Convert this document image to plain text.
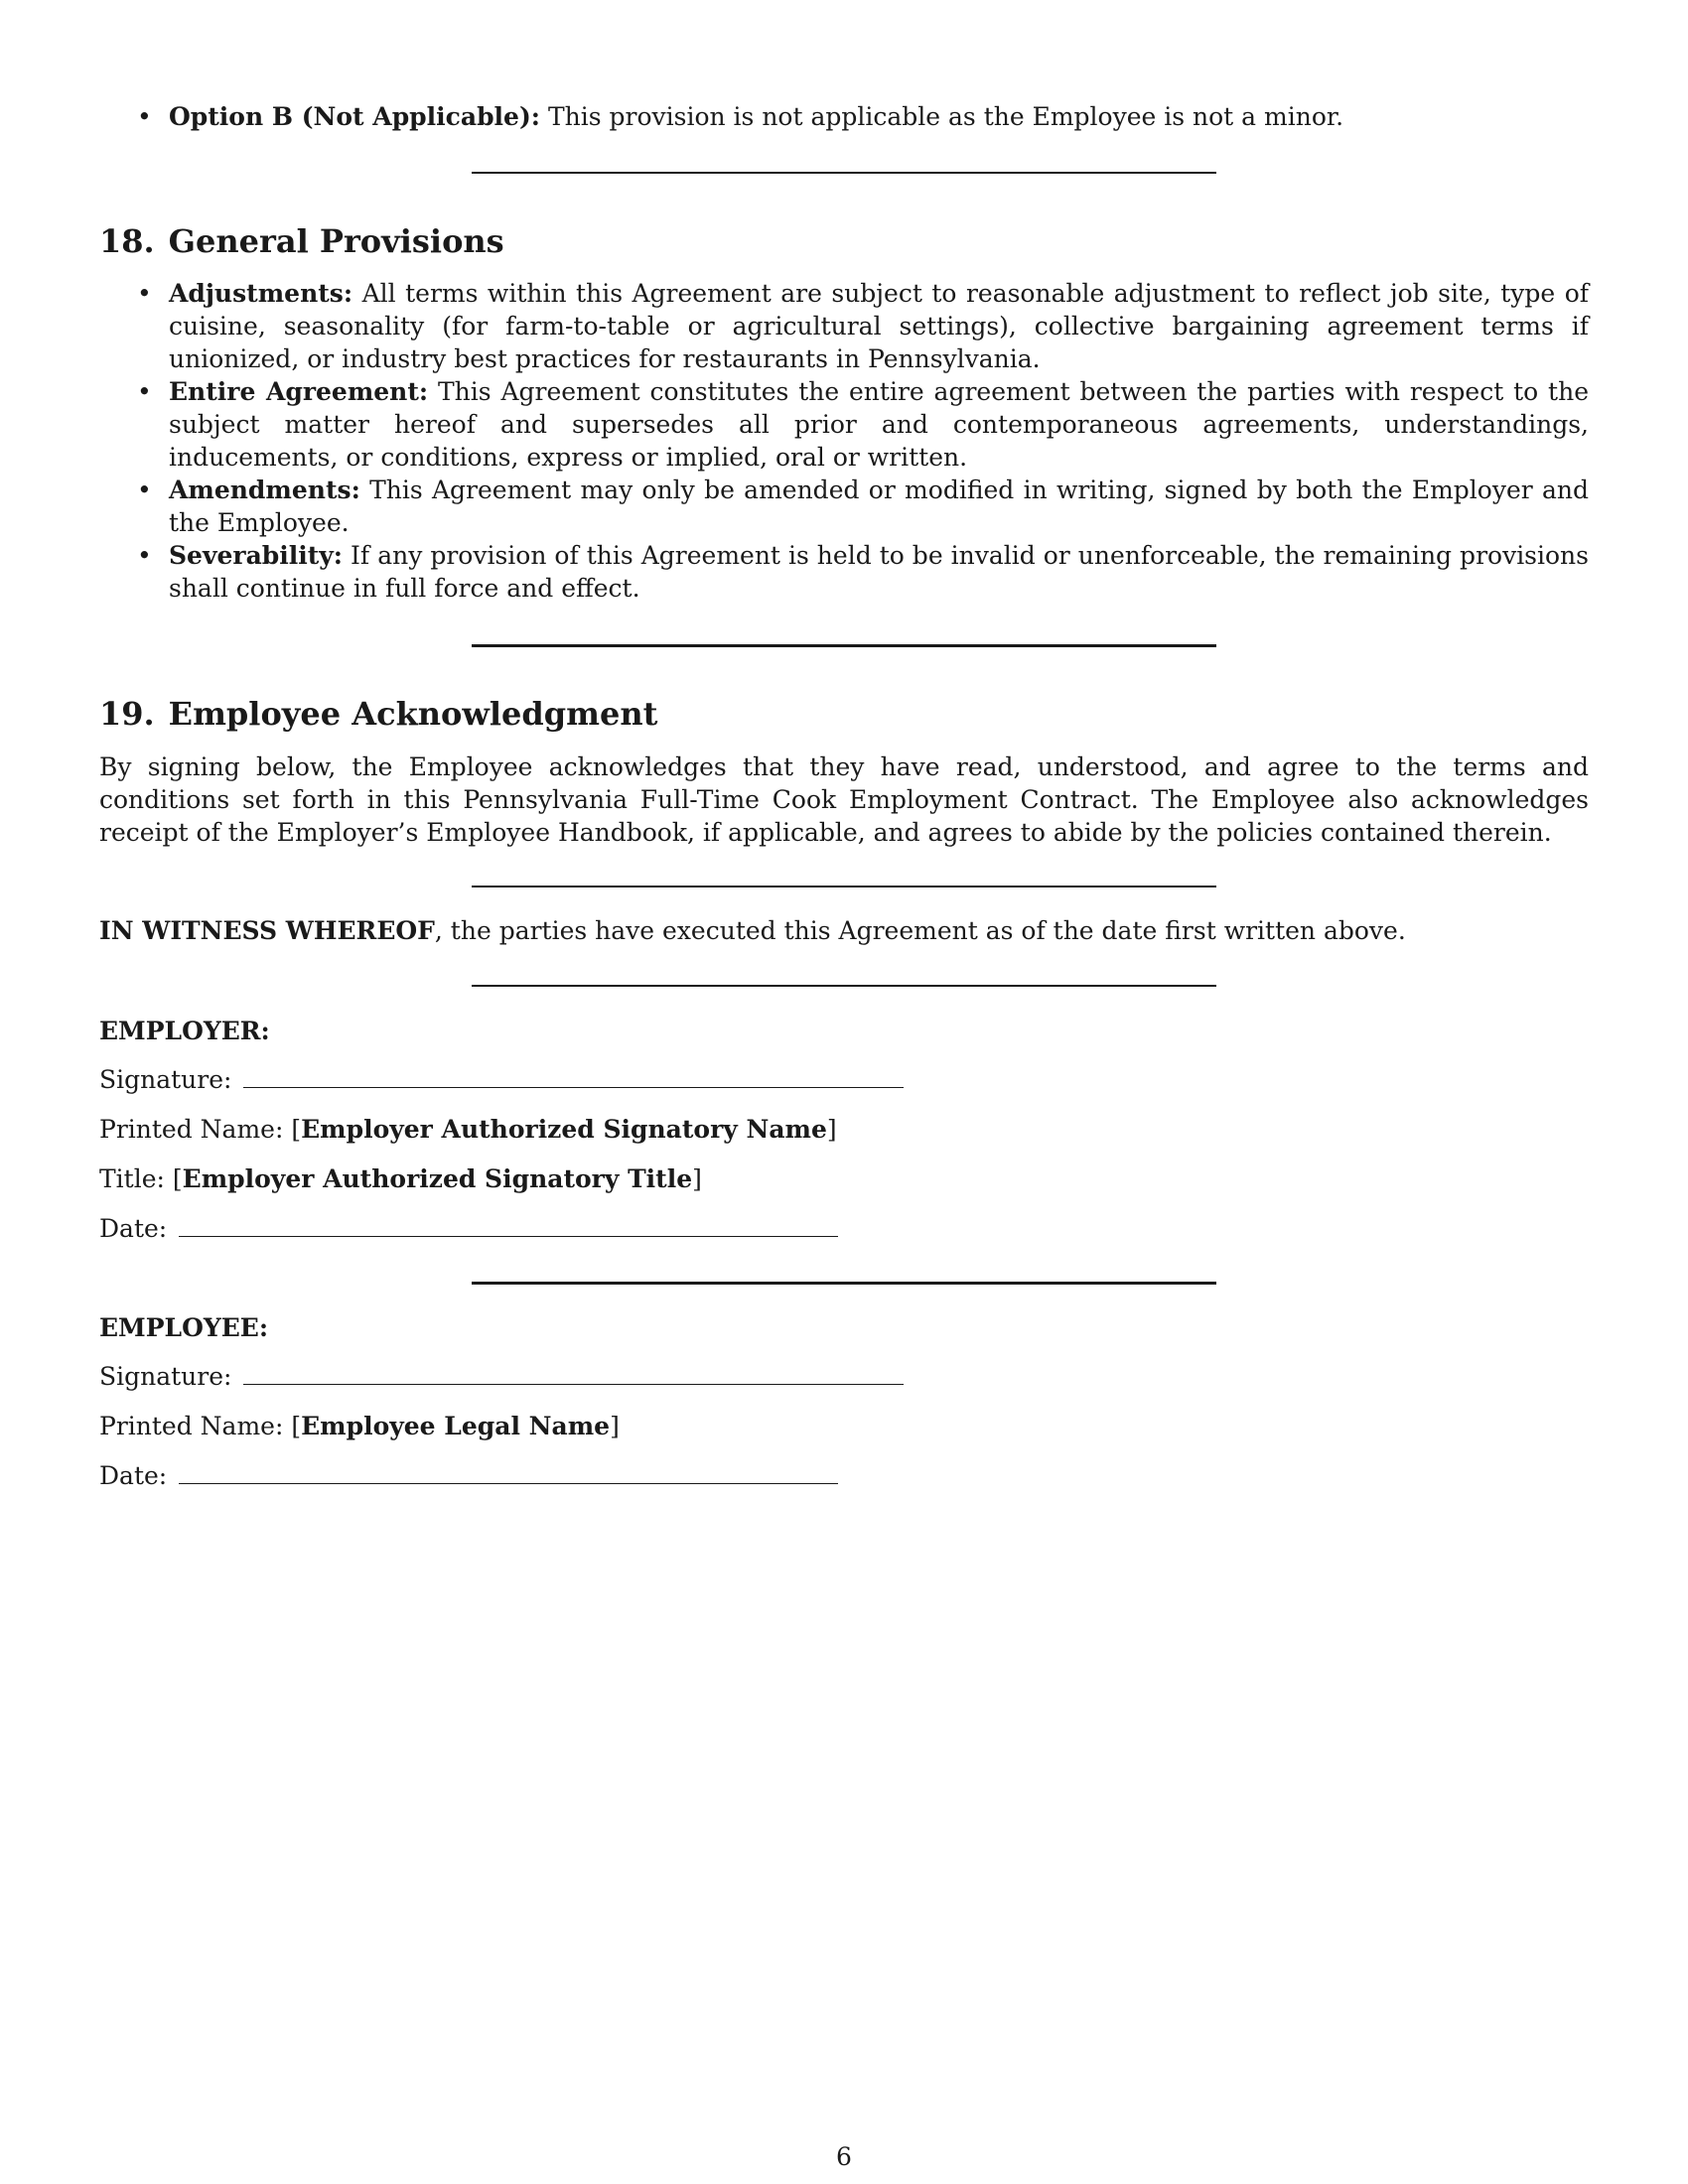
• Option B (Not Applicable): This provision is not applicable as the Employee is not a minor.
18. General Provisions
• Adjustments: All terms within this Agreement are subject to reasonable adjustment to reflect job site, type of cuisine, seasonality (for farm-to-table or agricultural settings), collective bargaining agreement terms if unionized, or industry best practices for restaurants in Pennsylvania.
• Entire Agreement: This Agreement constitutes the entire agreement between the parties with respect to the subject matter hereof and supersedes all prior and contemporaneous agreements, understandings, inducements, or conditions, express or implied, oral or written.
• Amendments: This Agreement may only be amended or modified in writing, signed by both the Employer and the Employee.
• Severability: If any provision of this Agreement is held to be invalid or unenforceable, the remaining provisions shall continue in full force and effect.
19. Employee Acknowledgment

By signing below, the Employee acknowledges that they have read, understood, and agree to the terms and conditions set forth in this Pennsylvania Full-Time Cook Employment Contract. The Employee also acknowledges receipt of the Employer’s Employee Handbook, if applicable, and agrees to abide by the policies contained therein.

IN WITNESS WHEREOF, the parties have executed this Agreement as of the date first written above.

EMPLOYER:
Signature:
Printed Name: [Employer Authorized Signatory Name]
Title: [Employer Authorized Signatory Title]
Date:
EMPLOYEE:
Signature:
Printed Name: [Employee Legal Name]
Date:
6
